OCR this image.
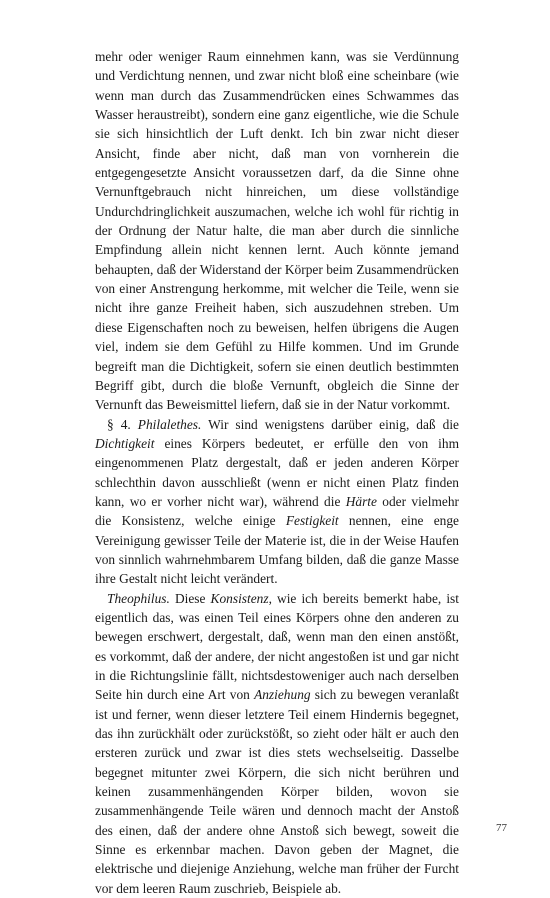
mehr oder weniger Raum einnehmen kann, was sie Verdünnung und Verdichtung nennen, und zwar nicht bloß eine scheinbare (wie wenn man durch das Zusammendrücken eines Schwammes das Wasser heraustreibt), sondern eine ganz eigentliche, wie die Schule sie sich hinsichtlich der Luft denkt. Ich bin zwar nicht dieser Ansicht, finde aber nicht, daß man von vornherein die entgegengesetzte Ansicht voraussetzen darf, da die Sinne ohne Vernunftgebrauch nicht hinreichen, um diese vollständige Undurchdringlichkeit auszumachen, welche ich wohl für richtig in der Ordnung der Natur halte, die man aber durch die sinnliche Empfindung allein nicht kennen lernt. Auch könnte jemand behaupten, daß der Widerstand der Körper beim Zusammendrücken von einer Anstrengung herkomme, mit welcher die Teile, wenn sie nicht ihre ganze Freiheit haben, sich auszudehnen streben. Um diese Eigenschaften noch zu beweisen, helfen übrigens die Augen viel, indem sie dem Gefühl zu Hilfe kommen. Und im Grunde begreift man die Dichtigkeit, sofern sie einen deutlich bestimmten Begriff gibt, durch die bloße Vernunft, obgleich die Sinne der Vernunft das Beweismittel liefern, daß sie in der Natur vorkommt.

§ 4. Philalethes. Wir sind wenigstens darüber einig, daß die Dichtigkeit eines Körpers bedeutet, er erfülle den von ihm eingenommenen Platz dergestalt, daß er jeden anderen Körper schlechthin davon ausschließt (wenn er nicht einen Platz finden kann, wo er vorher nicht war), während die Härte oder vielmehr die Konsistenz, welche einige Festigkeit nennen, eine enge Vereinigung gewisser Teile der Materie ist, die in der Weise Haufen von sinnlich wahrnehmbarem Umfang bilden, daß die ganze Masse ihre Gestalt nicht leicht verändert.

Theophilus. Diese Konsistenz, wie ich bereits bemerkt habe, ist eigentlich das, was einen Teil eines Körpers ohne den anderen zu bewegen erschwert, dergestalt, daß, wenn man den einen anstößt, es vorkommt, daß der andere, der nicht angestoßen ist und gar nicht in die Richtungslinie fällt, nichtsdestoweniger auch nach derselben Seite hin durch eine Art von Anziehung sich zu bewegen veranlaßt ist und ferner, wenn dieser letztere Teil einem Hindernis begegnet, das ihn zurückhält oder zurückstößt, so zieht oder hält er auch den ersteren zurück und zwar ist dies stets wechselseitig. Dasselbe begegnet mitunter zwei Körpern, die sich nicht berühren und keinen zusammenhängenden Körper bilden, wovon sie zusammenhängende Teile wären und dennoch macht der Anstoß des einen, daß der andere ohne Anstoß sich bewegt, soweit die Sinne es erkennbar machen. Davon geben der Magnet, die elektrische und diejenige Anziehung, welche man früher der Furcht vor dem leeren Raum zuschrieb, Beispiele ab.

77
